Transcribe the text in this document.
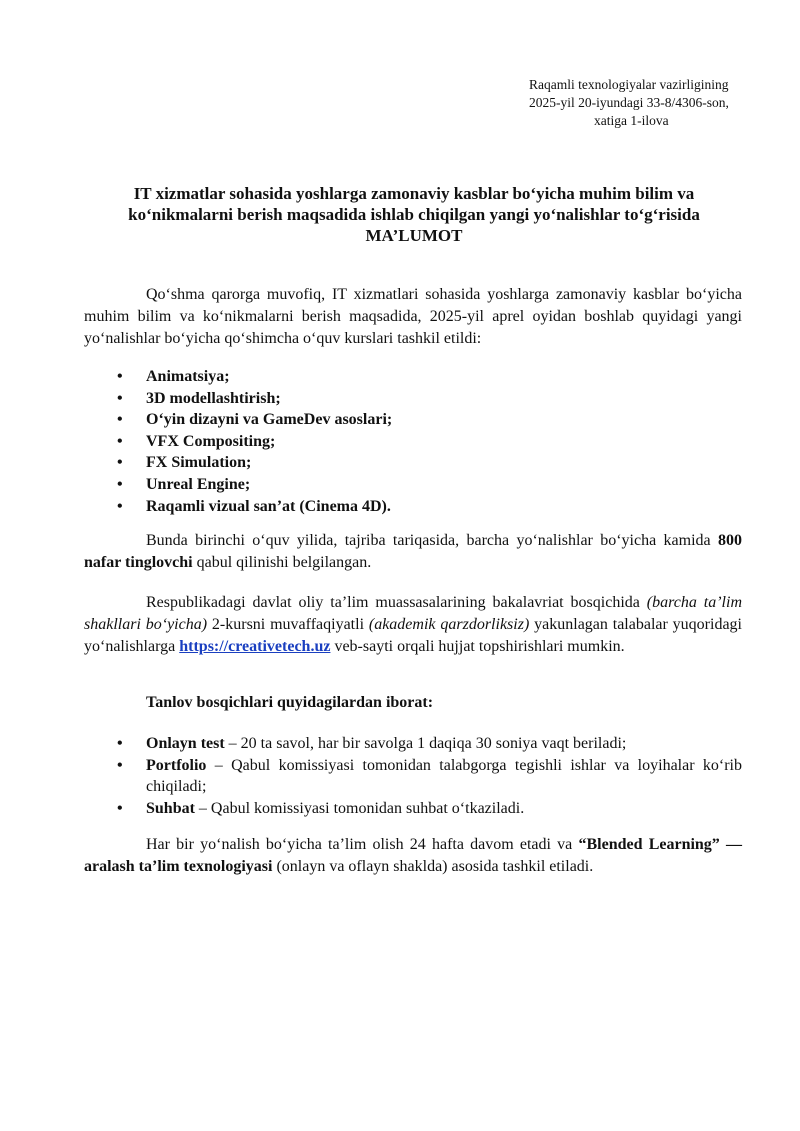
Raqamli texnologiyalar vazirligining
2025-yil 20-iyundagi 33-8/4306-son,
xatiga 1-ilova
IT xizmatlar sohasida yoshlarga zamonaviy kasblar bo‘yicha muhim bilim va
ko‘nikmalarni berish maqsadida ishlab chiqilgan yangi yo‘nalishlar to‘g‘risida
MA’LUMOT
Qo‘shma qarorga muvofiq, IT xizmatlari sohasida yoshlarga zamonaviy kasblar bo‘yicha muhim bilim va ko‘nikmalarni berish maqsadida, 2025-yil aprel oyidan boshlab quyidagi yangi yo‘nalishlar bo‘yicha qo‘shimcha o‘quv kurslari tashkil etildi:
• Animatsiya;
• 3D modellashtirish;
• O‘yin dizayni va GameDev asoslari;
• VFX Compositing;
• FX Simulation;
• Unreal Engine;
• Raqamli vizual san’at (Cinema 4D).
Bunda birinchi o‘quv yilida, tajriba tariqasida, barcha yo‘nalishlar bo‘yicha kamida 800 nafar tinglovchi qabul qilinishi belgilangan.
Respublikadagi davlat oliy ta’lim muassasalarining bakalavriat bosqichida (barcha ta’lim shakllari bo‘yicha) 2-kursni muvaffaqiyatli (akademik qarzdorliksiz) yakunlagan talabalar yuqoridagi yo‘nalishlarga https://creativetech.uz veb-sayti orqali hujjat topshirishlari mumkin.
Tanlov bosqichlari quyidagilardan iborat:
• Onlayn test – 20 ta savol, har bir savolga 1 daqiqa 30 soniya vaqt beriladi;
• Portfolio – Qabul komissiyasi tomonidan talabgorga tegishli ishlar va loyihalar ko‘rib chiqiladi;
• Suhbat – Qabul komissiyasi tomonidan suhbat o‘tkaziladi.
Har bir yo‘nalish bo‘yicha ta’lim olish 24 hafta davom etadi va “Blended Learning” — aralash ta’lim texnologiyasi (onlayn va oflayn shaklda) asosida tashkil etiladi.
